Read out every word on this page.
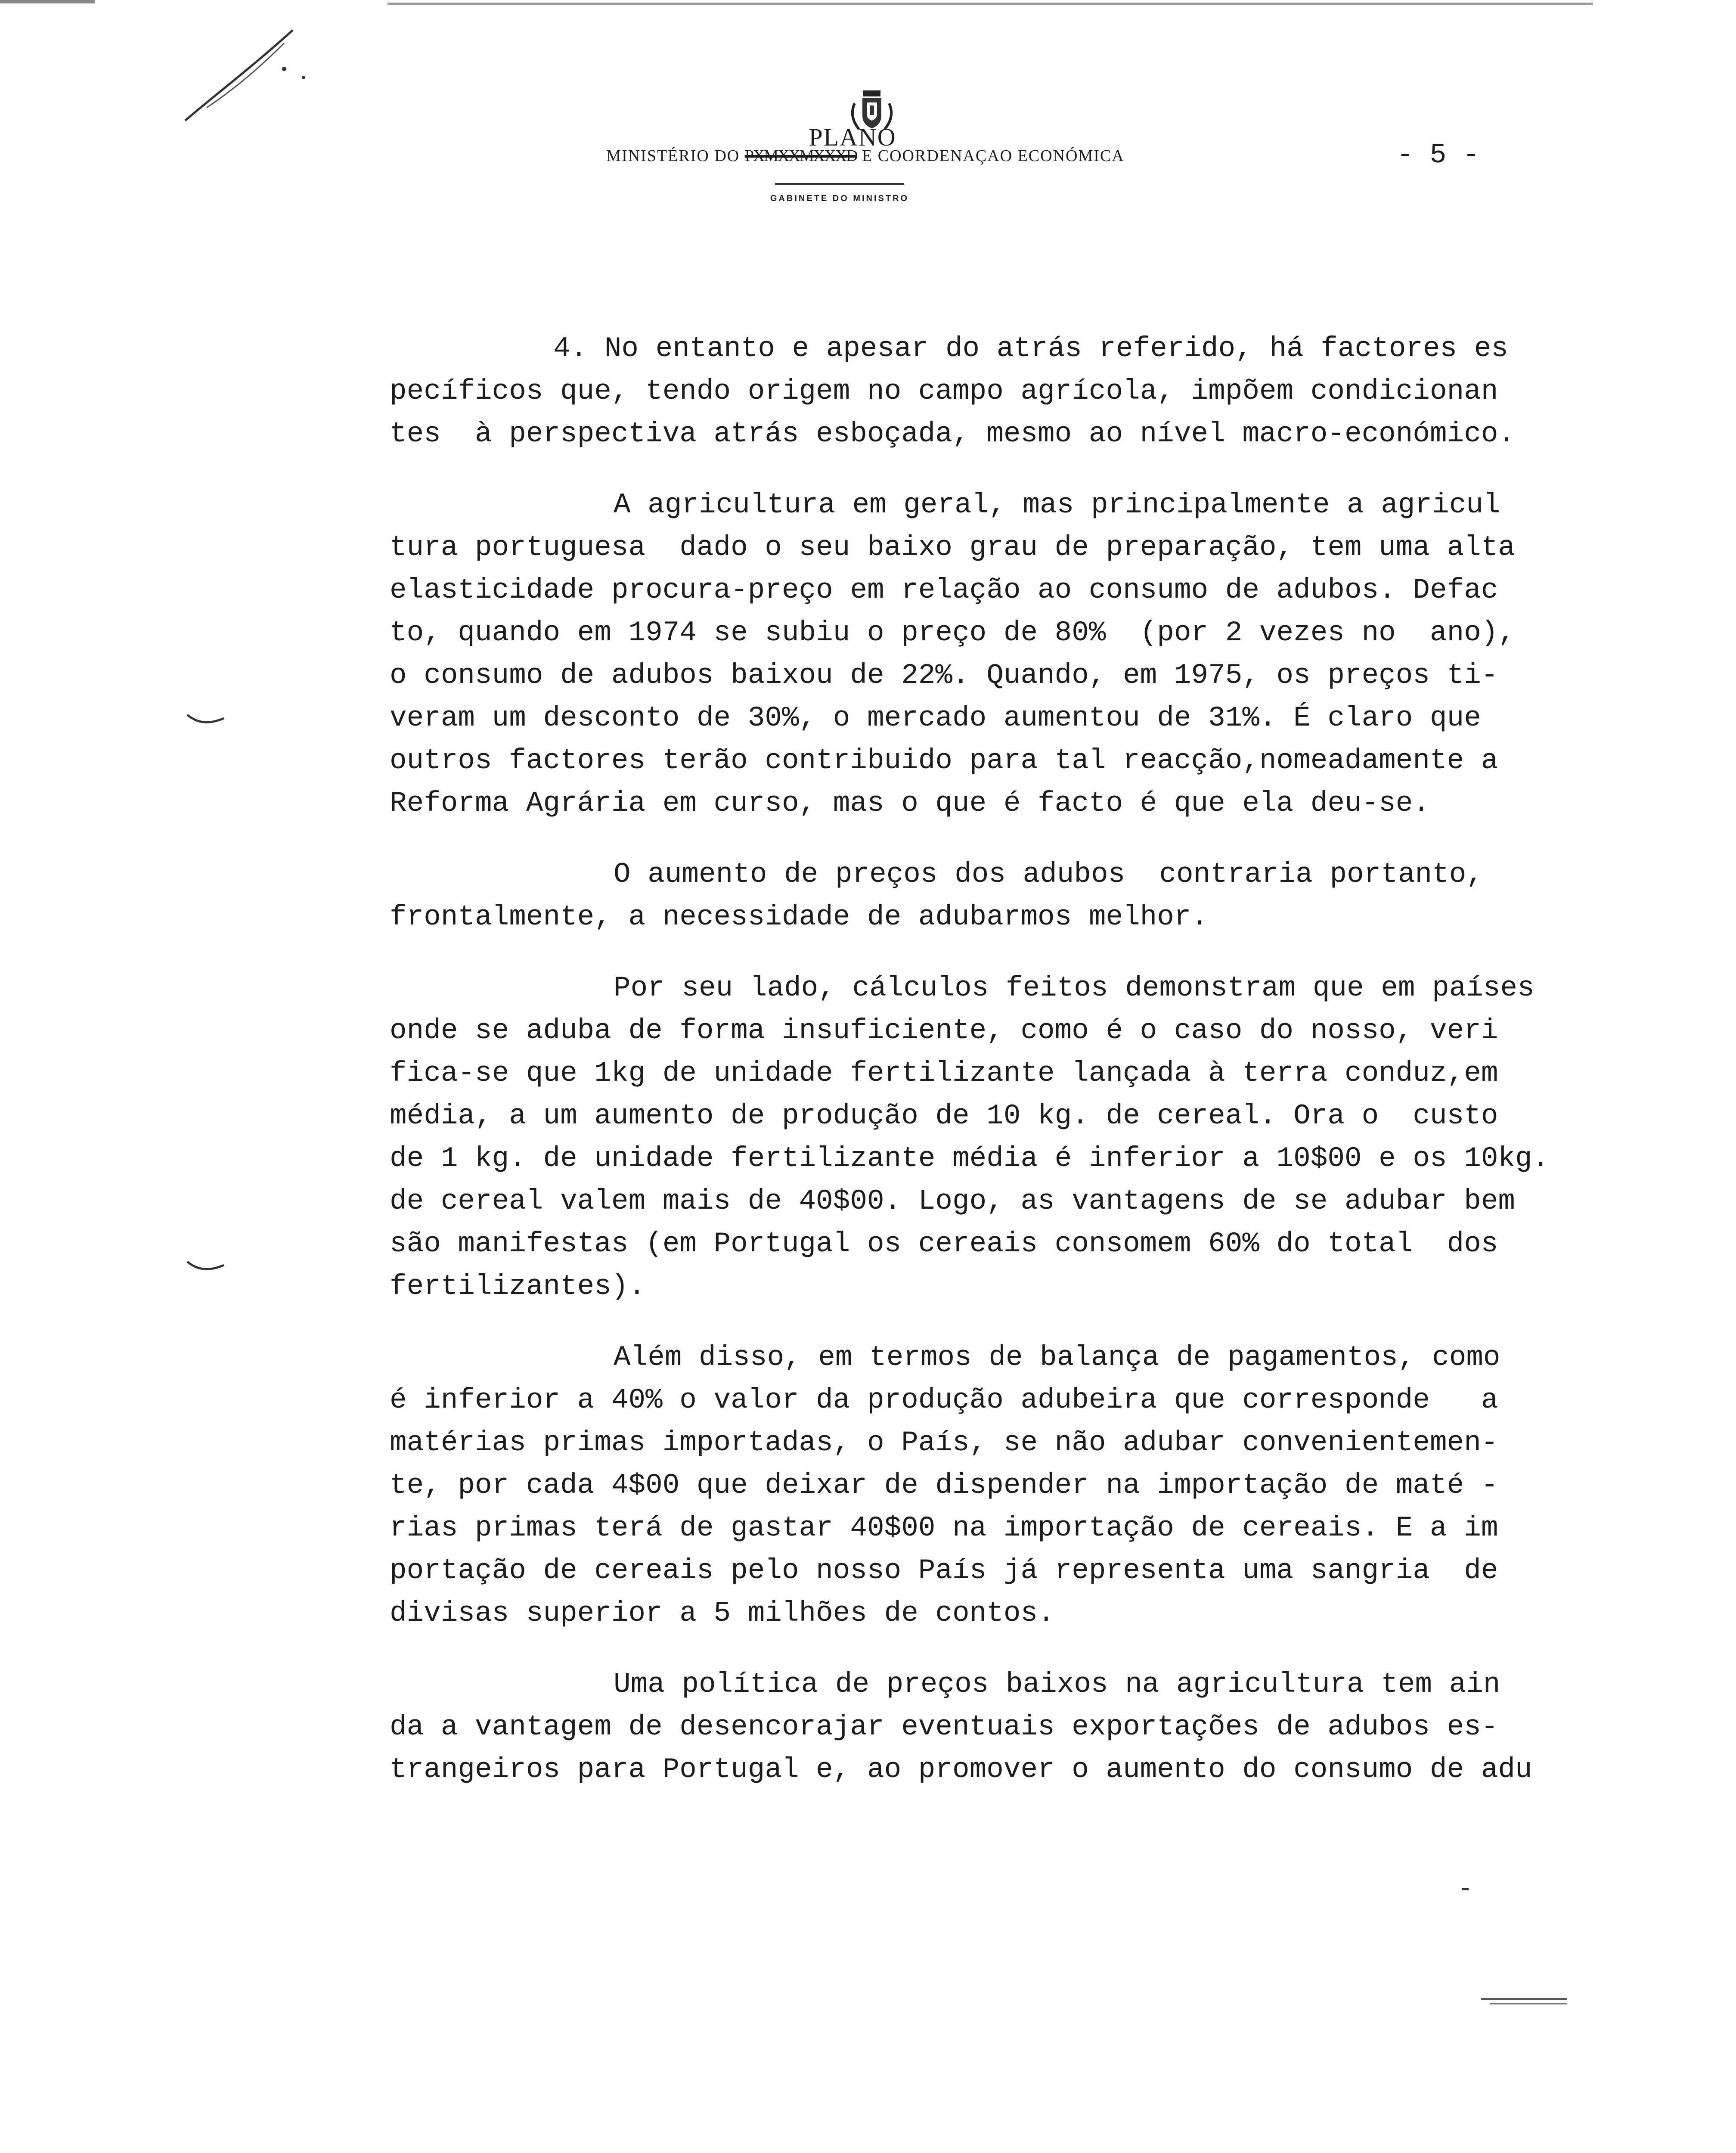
PLANO
MINISTÉRIO DO PXMXXMXXXD E COORDENAÇAO ECONÓMICA
GABINETE DO MINISTRO
- 5 -
4. No entanto e apesar do atrás referido, há factores es
pecíficos que, tendo origem no campo agrícola, impõem condicionan
tes  à perspectiva atrás esboçada, mesmo ao nível macro-económico.
A agricultura em geral, mas principalmente a agricul
tura portuguesa  dado o seu baixo grau de preparação, tem uma alta
elasticidade procura-preço em relação ao consumo de adubos. Defac
to, quando em 1974 se subiu o preço de 80%  (por 2 vezes no  ano),
o consumo de adubos baixou de 22%. Quando, em 1975, os preços ti-
veram um desconto de 30%, o mercado aumentou de 31%. É claro que
outros factores terão contribuido para tal reacção,nomeadamente a
Reforma Agrária em curso, mas o que é facto é que ela deu-se.
O aumento de preços dos adubos  contraria portanto,
frontalmente, a necessidade de adubarmos melhor.
Por seu lado, cálculos feitos demonstram que em países
onde se aduba de forma insuficiente, como é o caso do nosso, veri
fica-se que 1kg de unidade fertilizante lançada à terra conduz,em
média, a um aumento de produção de 10 kg. de cereal. Ora o  custo
de 1 kg. de unidade fertilizante média é inferior a 10$00 e os 10kg.
de cereal valem mais de 40$00. Logo, as vantagens de se adubar bem
são manifestas (em Portugal os cereais consomem 60% do total  dos
fertilizantes).
Além disso, em termos de balança de pagamentos, como
é inferior a 40% o valor da produção adubeira que corresponde   a
matérias primas importadas, o País, se não adubar convenientemen-
te, por cada 4$00 que deixar de dispender na importação de maté -
rias primas terá de gastar 40$00 na importação de cereais. E a im
portação de cereais pelo nosso País já representa uma sangria  de
divisas superior a 5 milhões de contos.
Uma política de preços baixos na agricultura tem ain
da a vantagem de desencorajar eventuais exportações de adubos es-
trangeiros para Portugal e, ao promover o aumento do consumo de adu
